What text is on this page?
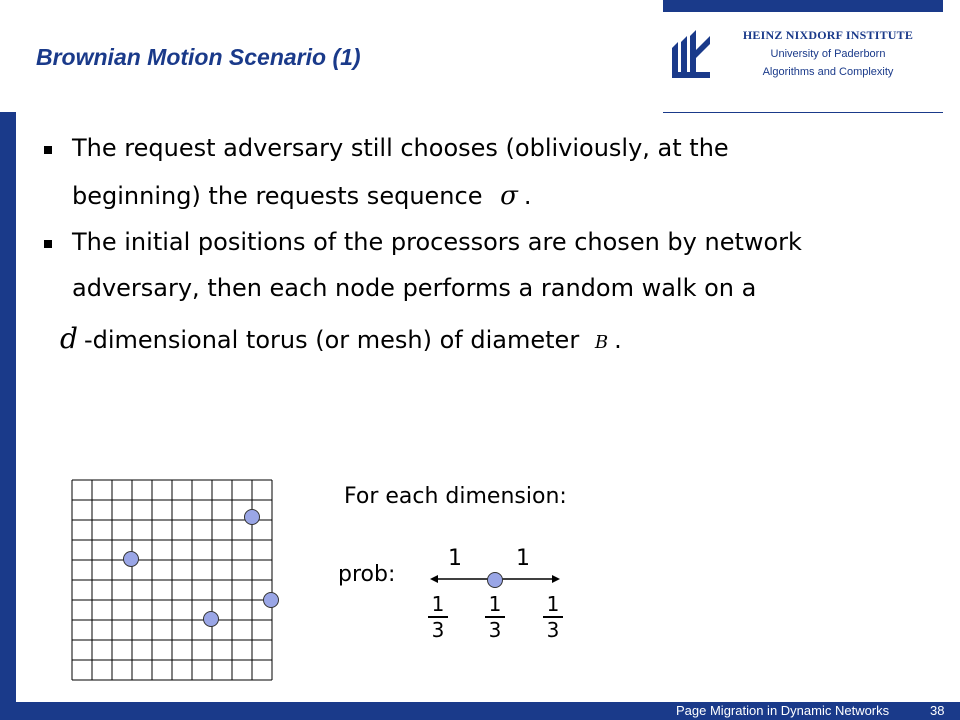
HEINZ NIXDORF INSTITUTE
University of Paderborn
Algorithms and Complexity
Brownian Motion Scenario (1)
The request adversary still chooses (obliviously, at the
beginning) the requests sequence σ .
The initial positions of the processors are chosen by network
adversary, then each node performs a random walk on a
d -dimensional torus (or mesh) of diameter B .
For each dimension:
prob:
1 1
1
3
1
3
1
3
Page Migration in Dynamic Networks	38
